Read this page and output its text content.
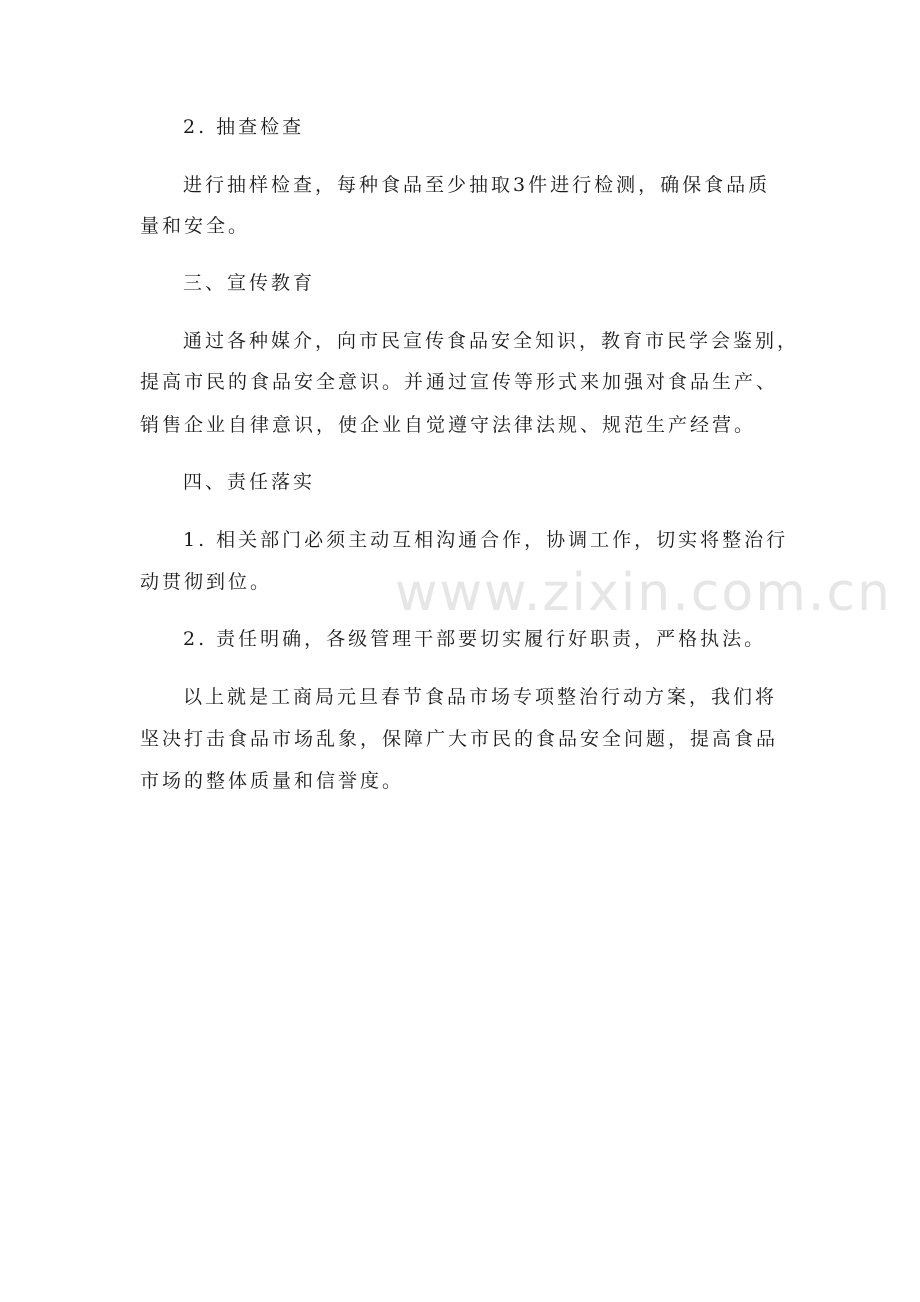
www.zixin.com.cn
2. 抽查检查
进行抽样检查，每种食品至少抽取3件进行检测，确保食品质
量和安全。
三、宣传教育
通过各种媒介，向市民宣传食品安全知识，教育市民学会鉴别，
提高市民的食品安全意识。并通过宣传等形式来加强对食品生产、
销售企业自律意识，使企业自觉遵守法律法规、规范生产经营。
四、责任落实
1. 相关部门必须主动互相沟通合作，协调工作，切实将整治行
动贯彻到位。
2. 责任明确，各级管理干部要切实履行好职责，严格执法。
以上就是工商局元旦春节食品市场专项整治行动方案，我们将
坚决打击食品市场乱象，保障广大市民的食品安全问题，提高食品
市场的整体质量和信誉度。
